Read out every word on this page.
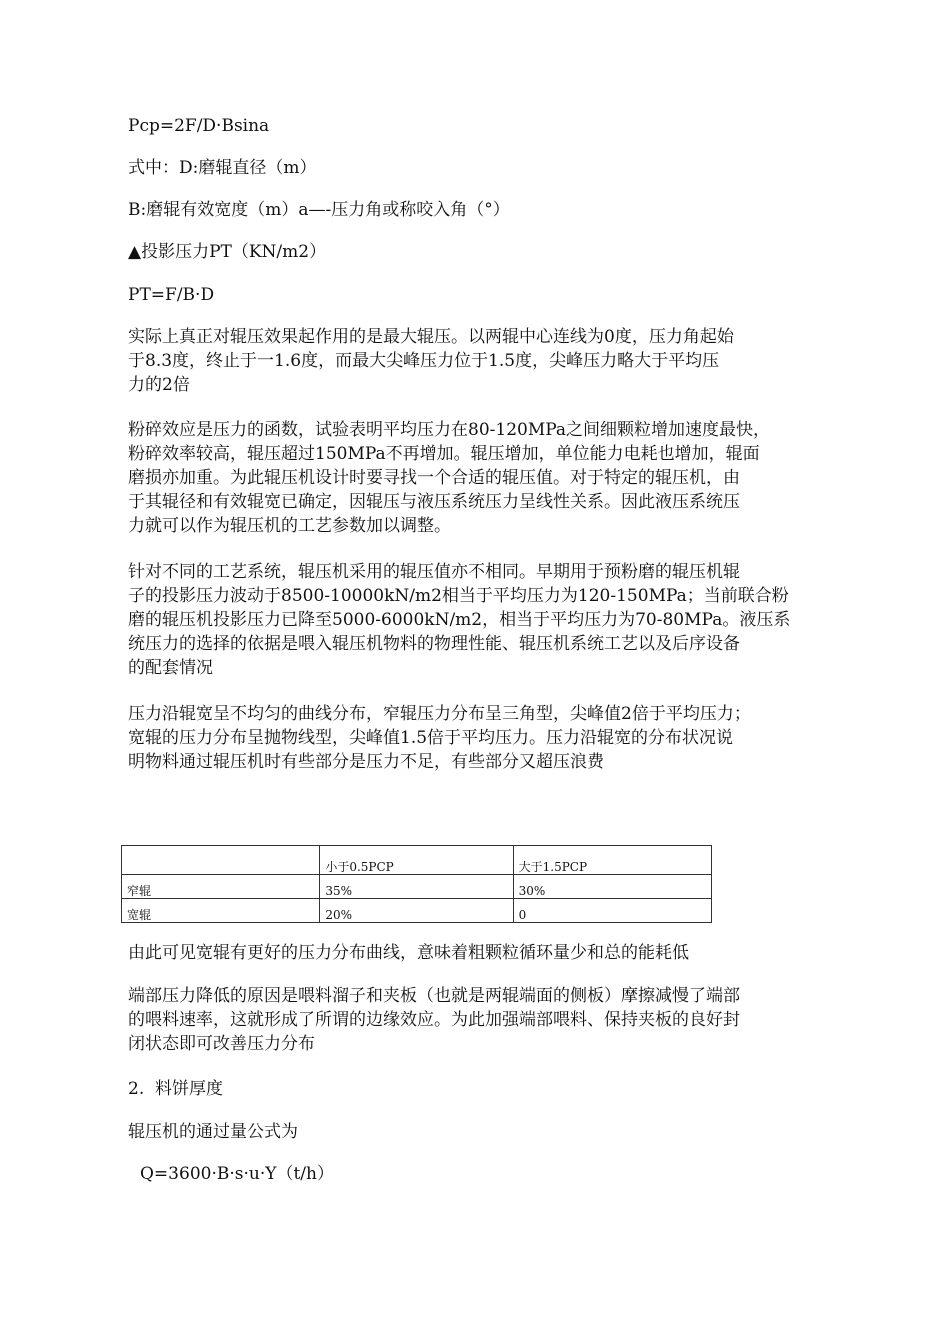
Pcp=2F/D·Bsina

式中：D:磨辊直径（m）

B:磨辊有效宽度（m）a—-压力角或称咬入角（°）

▲投影压力PT（KN/m2）

PT=F/B·D

实际上真正对辊压效果起作用的是最大辊压。以两辊中心连线为0度，压力角起始
于8.3度，终止于一1.6度，而最大尖峰压力位于1.5度，尖峰压力略大于平均压
力的2倍
粉碎效应是压力的函数，试验表明平均压力在80-120MPa之间细颗粒增加速度最快，
粉碎效率较高，辊压超过150MPa不再增加。辊压增加，单位能力电耗也增加，辊面
磨损亦加重。为此辊压机设计时要寻找一个合适的辊压值。对于特定的辊压机，由
于其辊径和有效辊宽已确定，因辊压与液压系统压力呈线性关系。因此液压系统压
力就可以作为辊压机的工艺参数加以调整。
针对不同的工艺系统，辊压机采用的辊压值亦不相同。早期用于预粉磨的辊压机辊
子的投影压力波动于8500-10000kN/m2相当于平均压力为120-150MPa；当前联合粉
磨的辊压机投影压力已降至5000-6000kN/m2，相当于平均压力为70-80MPa。液压系
统压力的选择的依据是喂入辊压机物料的物理性能、辊压机系统工艺以及后序设备
的配套情况
压力沿辊宽呈不均匀的曲线分布，窄辊压力分布呈三角型，尖峰值2倍于平均压力；
宽辊的压力分布呈抛物线型，尖峰值1.5倍于平均压力。压力沿辊宽的分布状况说
明物料通过辊压机时有些部分是压力不足，有些部分又超压浪费
	小于0.5PCP	大于1.5PCP
窄辊	35%	30%
宽辊	20%	0
由此可见宽辊有更好的压力分布曲线，意味着粗颗粒循环量少和总的能耗低
端部压力降低的原因是喂料溜子和夹板（也就是两辊端面的侧板）摩擦减慢了端部
的喂料速率，这就形成了所谓的边缘效应。为此加强端部喂料、保持夹板的良好封
闭状态即可改善压力分布

2.  料饼厚度

辊压机的通过量公式为

Q=3600·B·s·u·Y（t/h）
